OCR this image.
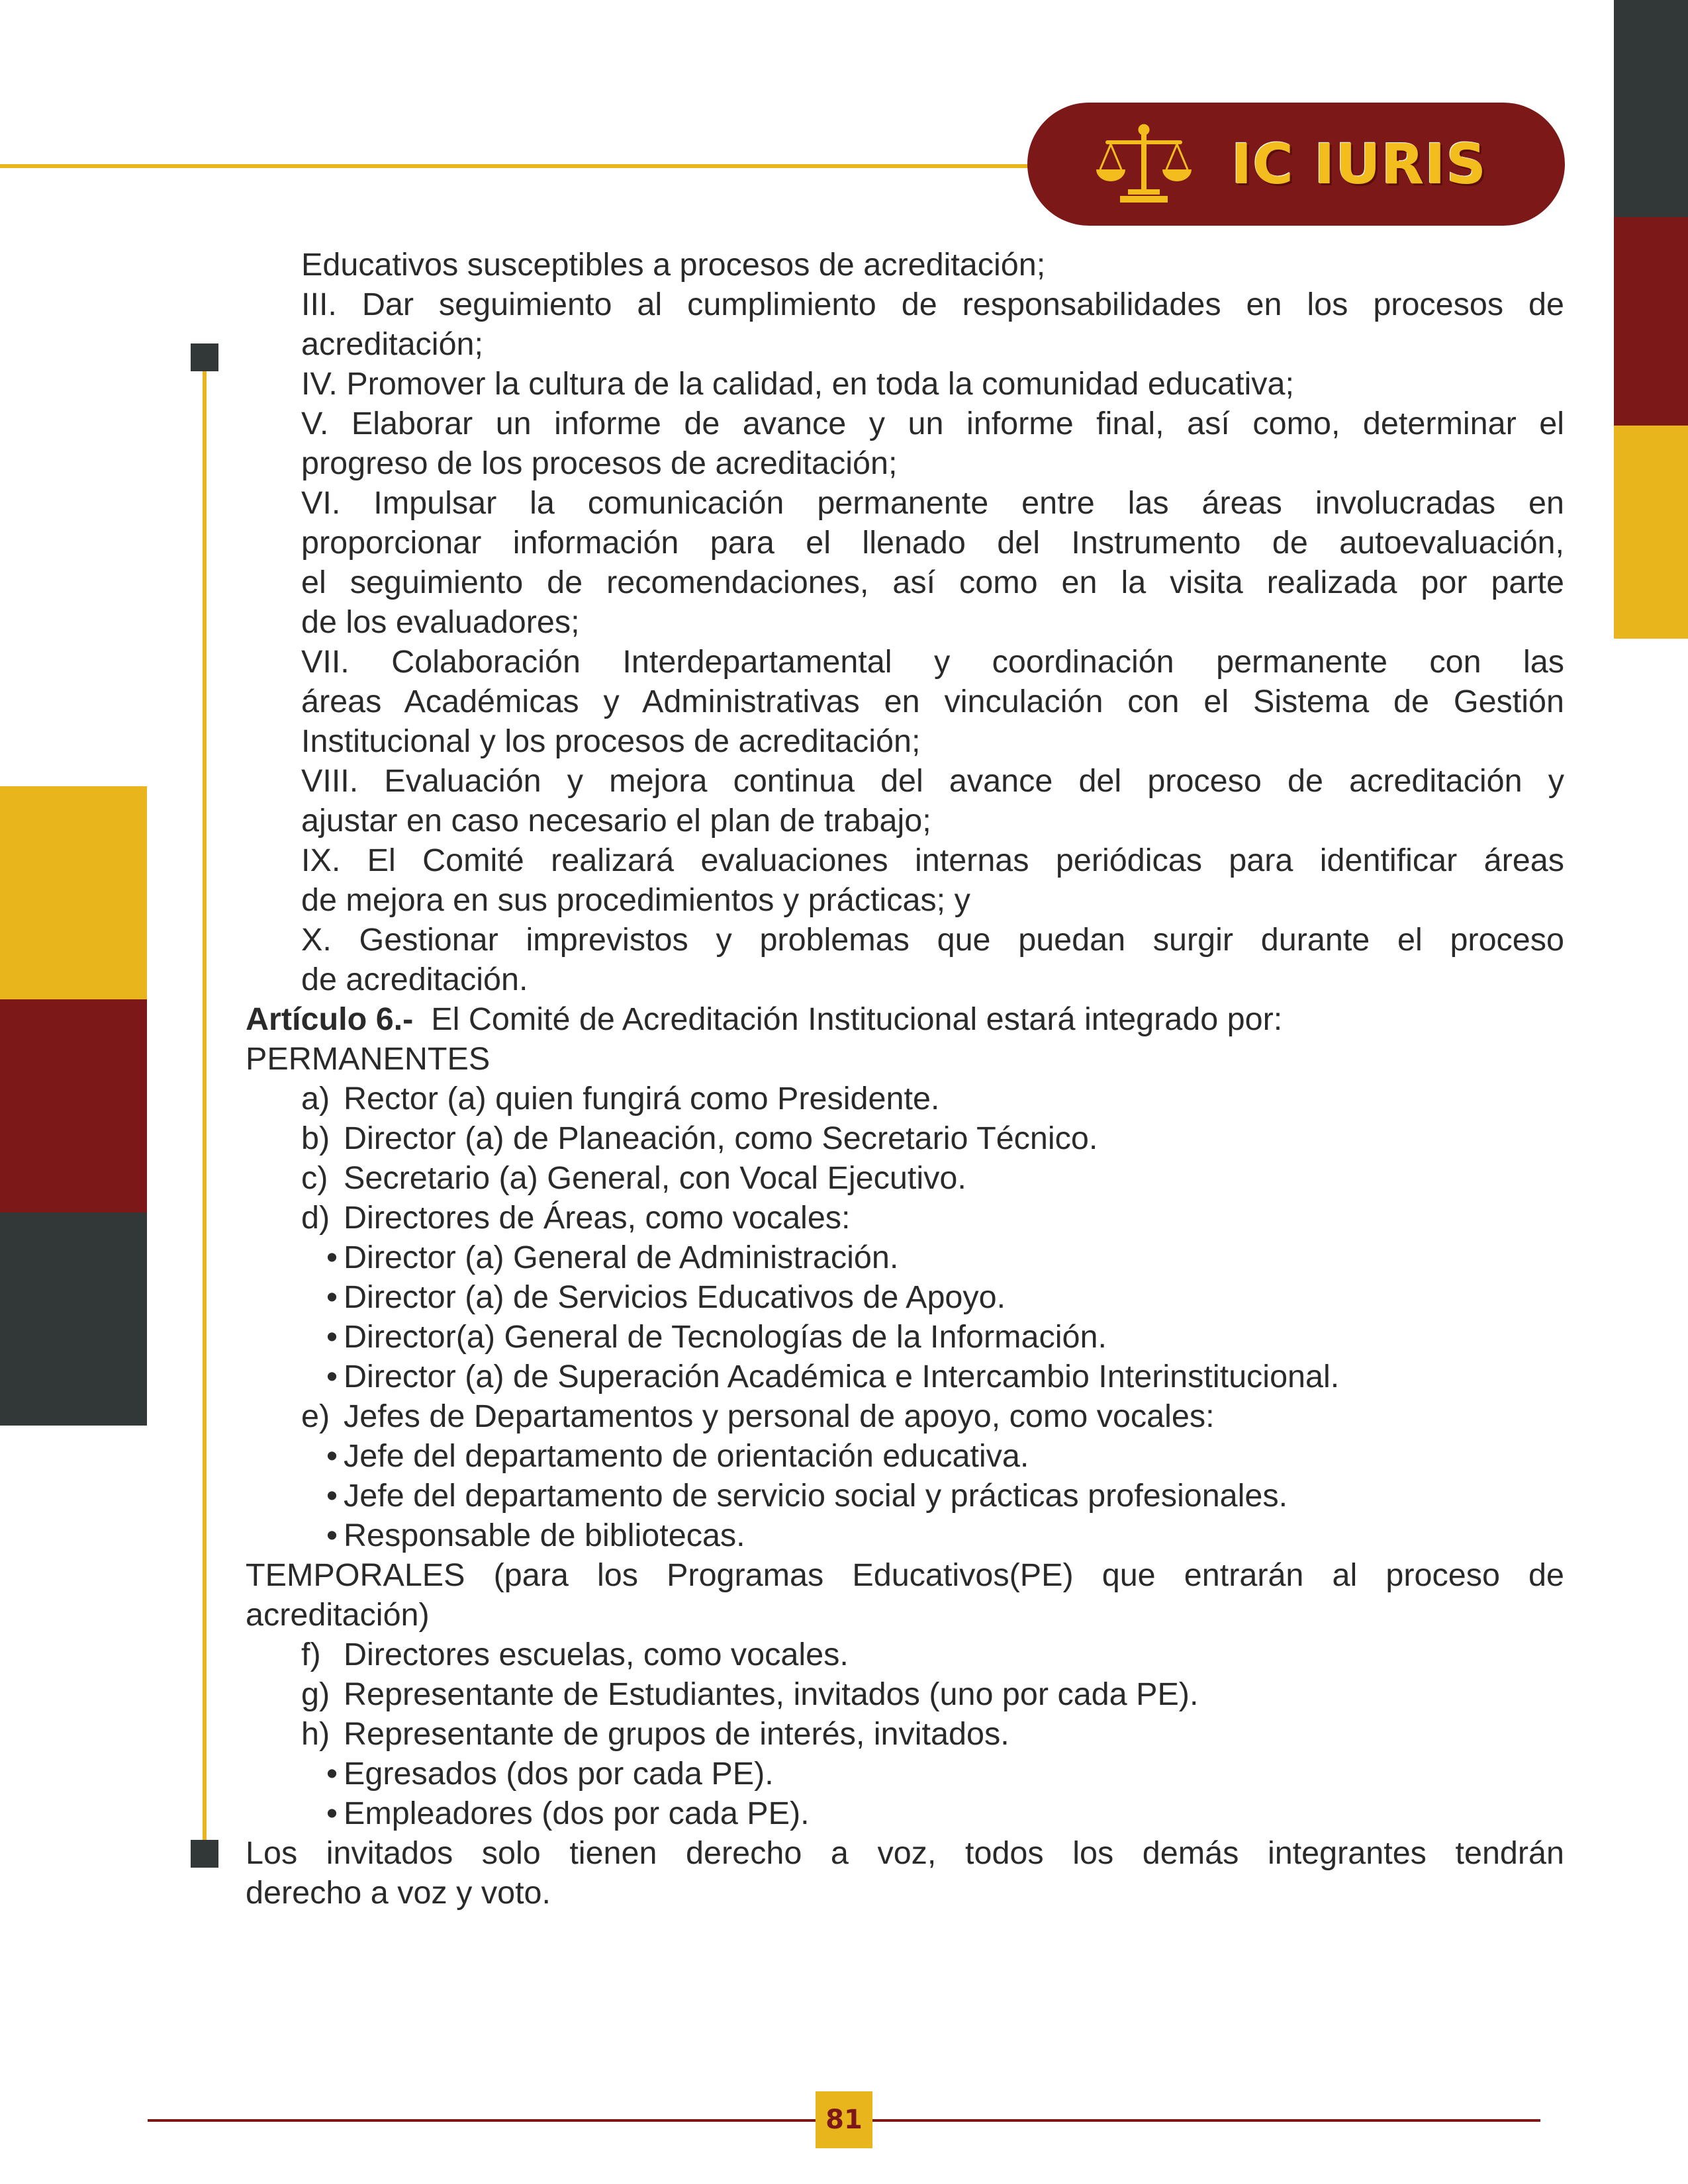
IC IURIS
Educativos susceptibles a procesos de acreditación;
III. Dar seguimiento al cumplimiento de responsabilidades en los procesos de
acreditación;
IV. Promover la cultura de la calidad, en toda la comunidad educativa;
V. Elaborar un informe de avance y un informe final, así como, determinar el
progreso de los procesos de acreditación;
VI. Impulsar la comunicación permanente entre las áreas involucradas en
proporcionar información para el llenado del Instrumento de autoevaluación,
el seguimiento de recomendaciones, así como en la visita realizada por parte
de los evaluadores;
VII. Colaboración Interdepartamental y coordinación permanente con las
áreas Académicas y Administrativas en vinculación con el Sistema de Gestión
Institucional y los procesos de acreditación;
VIII. Evaluación y mejora continua del avance del proceso de acreditación y
ajustar en caso necesario el plan de trabajo;
IX. El Comité realizará evaluaciones internas periódicas para identificar áreas
de mejora en sus procedimientos y prácticas; y
X. Gestionar imprevistos y problemas que puedan surgir durante el proceso
de acreditación.
Artículo 6.- El Comité de Acreditación Institucional estará integrado por:
PERMANENTES
a) Rector (a) quien fungirá como Presidente.
b) Director (a) de Planeación, como Secretario Técnico.
c) Secretario (a) General, con Vocal Ejecutivo.
d) Directores de Áreas, como vocales:
• Director (a) General de Administración.
• Director (a) de Servicios Educativos de Apoyo.
• Director(a) General de Tecnologías de la Información.
• Director (a) de Superación Académica e Intercambio Interinstitucional.
e) Jefes de Departamentos y personal de apoyo, como vocales:
• Jefe del departamento de orientación educativa.
• Jefe del departamento de servicio social y prácticas profesionales.
• Responsable de bibliotecas.
TEMPORALES (para los Programas Educativos(PE) que entrarán al proceso de
acreditación)
f) Directores escuelas, como vocales.
g) Representante de Estudiantes, invitados (uno por cada PE).
h) Representante de grupos de interés, invitados.
• Egresados (dos por cada PE).
• Empleadores (dos por cada PE).
Los invitados solo tienen derecho a voz, todos los demás integrantes tendrán
derecho a voz y voto.
81
